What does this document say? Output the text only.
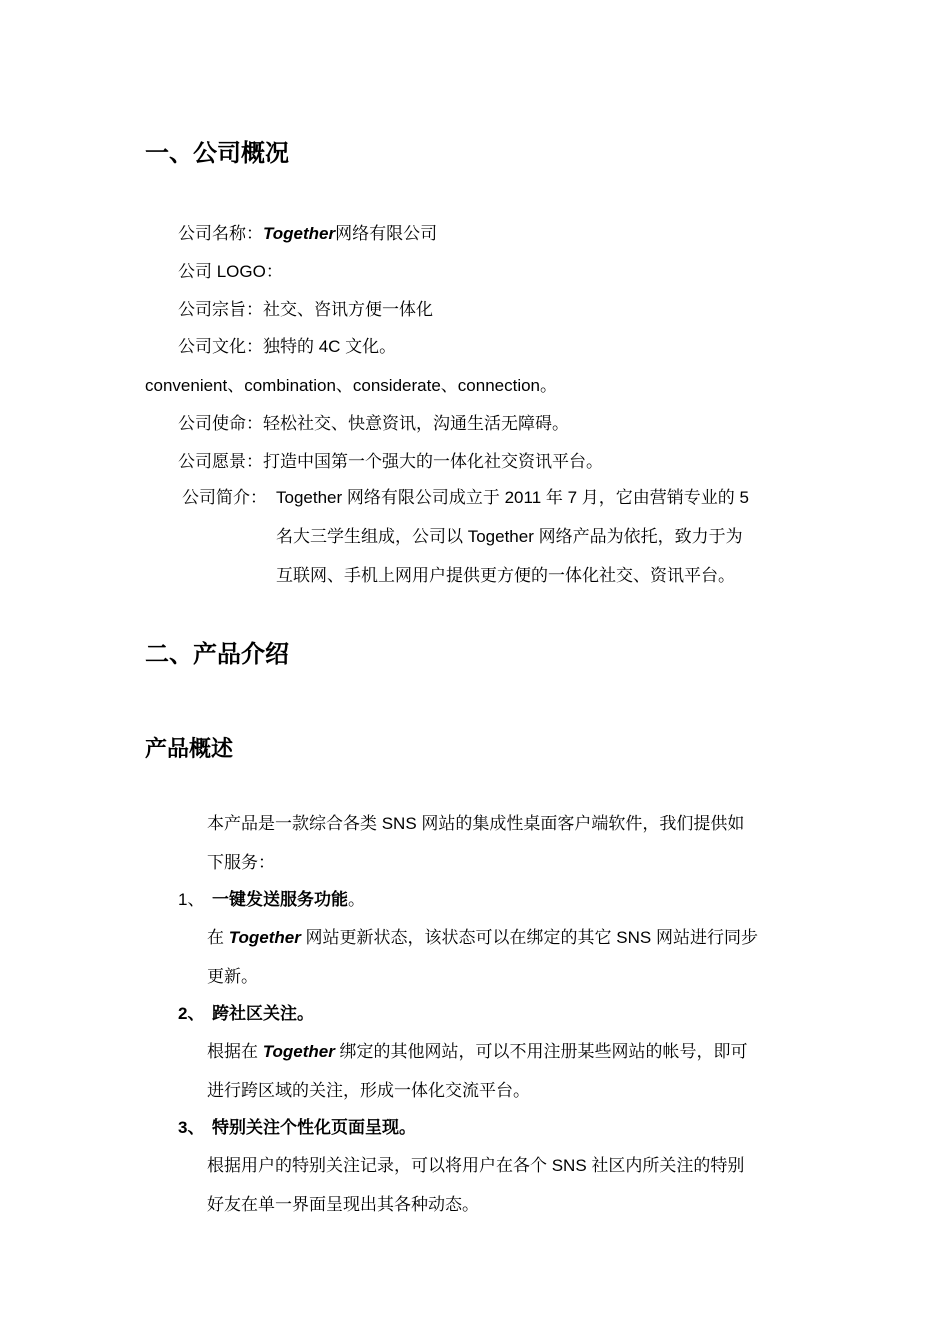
一、公司概况
公司名称：Together网络有限公司
公司 LOGO：
公司宗旨：社交、咨讯方便一体化
公司文化：独特的 4C 文化。
convenient、combination、considerate、connection。
公司使命：轻松社交、快意资讯，沟通生活无障碍。
公司愿景：打造中国第一个强大的一体化社交资讯平台。
公司简介： Together 网络有限公司成立于 2011 年 7 月，它由营销专业的 5
名大三学生组成，公司以 Together 网络产品为依托，致力于为
互联网、手机上网用户提供更方便的一体化社交、资讯平台。
二、产品介绍
产品概述
本产品是一款综合各类 SNS 网站的集成性桌面客户端软件，我们提供如
下服务：
1、 一键发送服务功能。
在 Together 网站更新状态，该状态可以在绑定的其它 SNS 网站进行同步
更新。
2、 跨社区关注。
根据在 Together 绑定的其他网站，可以不用注册某些网站的帐号，即可
进行跨区域的关注，形成一体化交流平台。
3、 特别关注个性化页面呈现。
根据用户的特别关注记录，可以将用户在各个 SNS 社区内所关注的特别
好友在单一界面呈现出其各种动态。
